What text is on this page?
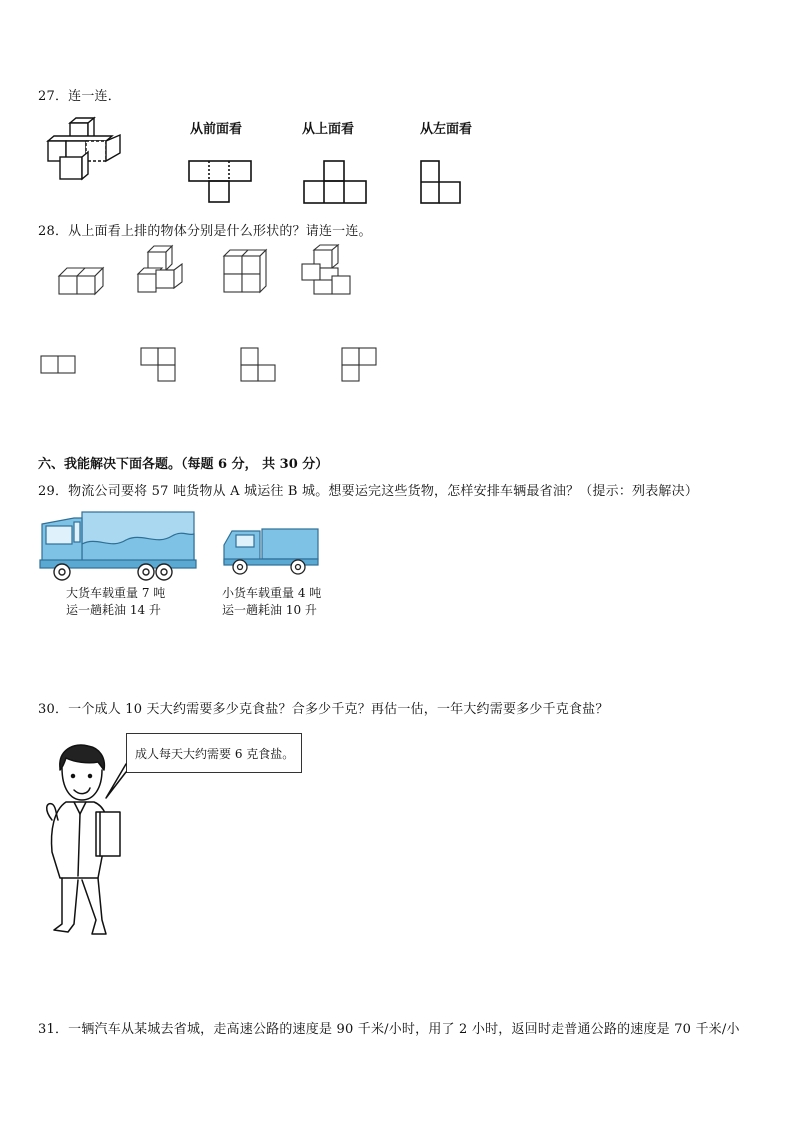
27．连一连．
从前面看	从上面看	从左面看
28．从上面看上排的物体分别是什么形状的？请连一连。
六、我能解决下面各题。（每题 6 分， 共 30 分）
29．物流公司要将 57 吨货物从 A 城运往 B 城。想要运完这些货物，怎样安排车辆最省油？（提示：列表解决）
大货车载重量 7 吨
运一趟耗油 14 升
小货车载重量 4 吨
运一趟耗油 10 升
30．一个成人 10 天大约需要多少克食盐？合多少千克？再估一估，一年大约需要多少千克食盐？
成人每天大约需要 6 克食盐。
31．一辆汽车从某城去省城，走高速公路的速度是 90 千米/小时，用了 2 小时，返回时走普通公路的速度是 70 千米/小
